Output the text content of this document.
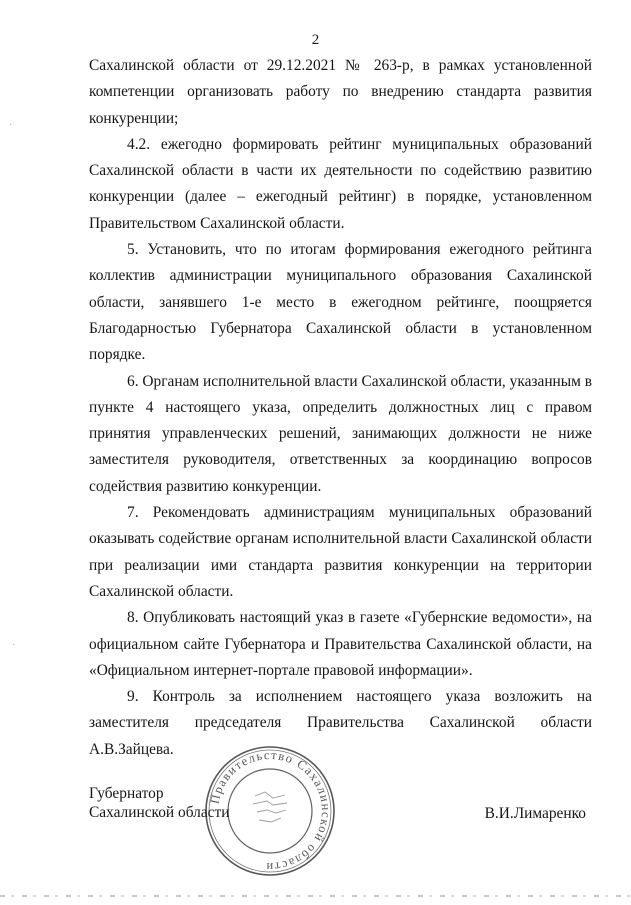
2

Сахалинской области от 29.12.2021 № 263-р, в рамках установленной компетенции организовать работу по внедрению стандарта развития конкуренции;

4.2. ежегодно формировать рейтинг муниципальных образований Сахалинской области в части их деятельности по содействию развитию конкуренции (далее – ежегодный рейтинг) в порядке, установленном Правительством Сахалинской области.

5. Установить, что по итогам формирования ежегодного рейтинга коллектив администрации муниципального образования Сахалинской области, занявшего 1-е место в ежегодном рейтинге, поощряется Благодарностью Губернатора Сахалинской области в установленном порядке.

6. Органам исполнительной власти Сахалинской области, указанным в пункте 4 настоящего указа, определить должностных лиц с правом принятия управленческих решений, занимающих должности не ниже заместителя руководителя, ответственных за координацию вопросов содействия развитию конкуренции.

7. Рекомендовать администрациям муниципальных образований оказывать содействие органам исполнительной власти Сахалинской области при реализации ими стандарта развития конкуренции на территории Сахалинской области.

8. Опубликовать настоящий указ в газете «Губернские ведомости», на официальном сайте Губернатора и Правительства Сахалинской области, на «Официальном интернет-портале правовой информации».

9. Контроль за исполнением настоящего указа возложить на заместителя председателя Правительства Сахалинской области А.В.Зайцева.

Правительство Сахалинской области
Губернатор
Сахалинской области	В.И.Лимаренко
·
·
